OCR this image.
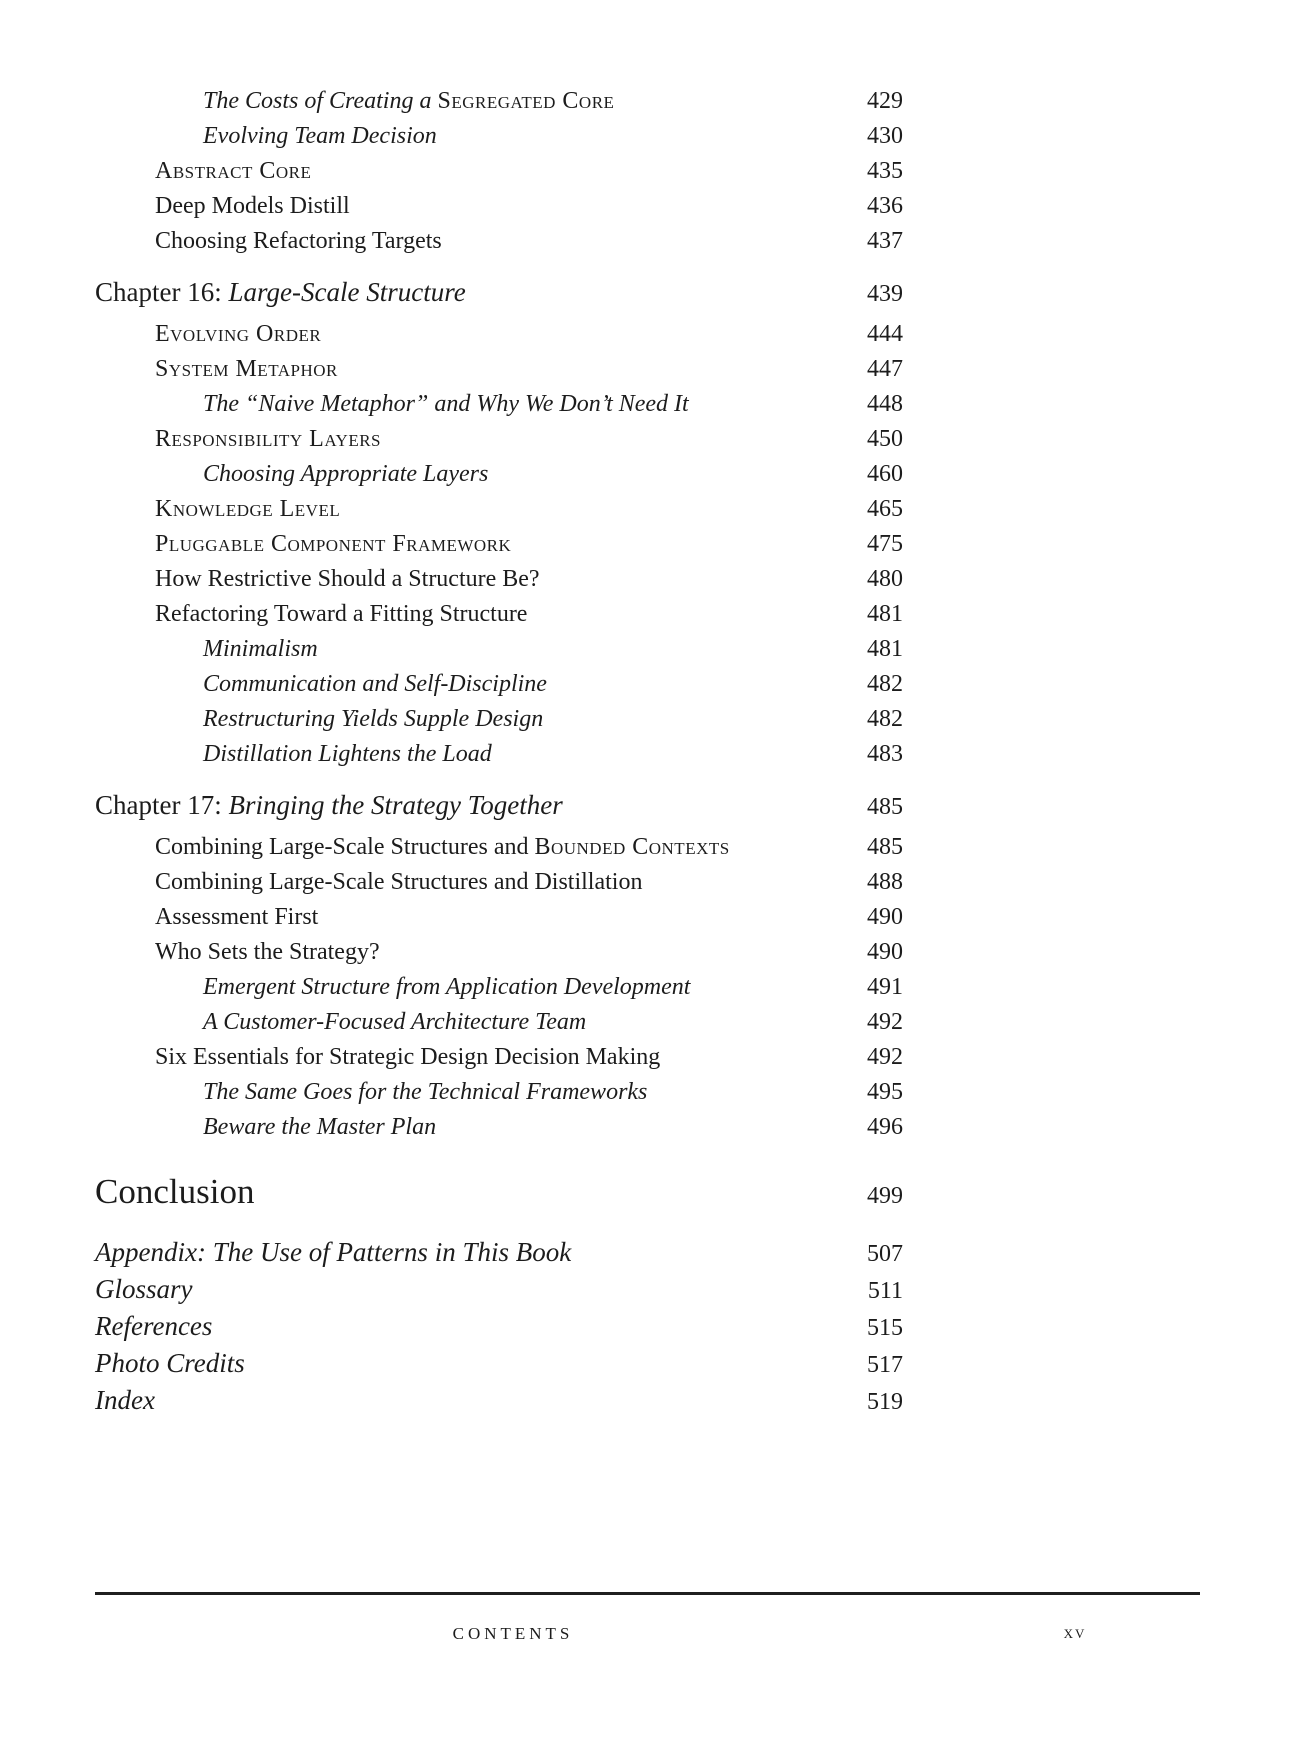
The Costs of Creating a Segregated Core	429
Evolving Team Decision	430
Abstract Core	435
Deep Models Distill	436
Choosing Refactoring Targets	437
Chapter 16: Large-Scale Structure	439
Evolving Order	444
System Metaphor	447
The “Naive Metaphor” and Why We Don’t Need It	448
Responsibility Layers	450
Choosing Appropriate Layers	460
Knowledge Level	465
Pluggable Component Framework	475
How Restrictive Should a Structure Be?	480
Refactoring Toward a Fitting Structure	481
Minimalism	481
Communication and Self-Discipline	482
Restructuring Yields Supple Design	482
Distillation Lightens the Load	483
Chapter 17: Bringing the Strategy Together	485
Combining Large-Scale Structures and Bounded Contexts	485
Combining Large-Scale Structures and Distillation	488
Assessment First	490
Who Sets the Strategy?	490
Emergent Structure from Application Development	491
A Customer-Focused Architecture Team	492
Six Essentials for Strategic Design Decision Making	492
The Same Goes for the Technical Frameworks	495
Beware the Master Plan	496
Conclusion	499
Appendix: The Use of Patterns in This Book	507
Glossary	511
References	515
Photo Credits	517
Index	519
CONTENTS	xv
